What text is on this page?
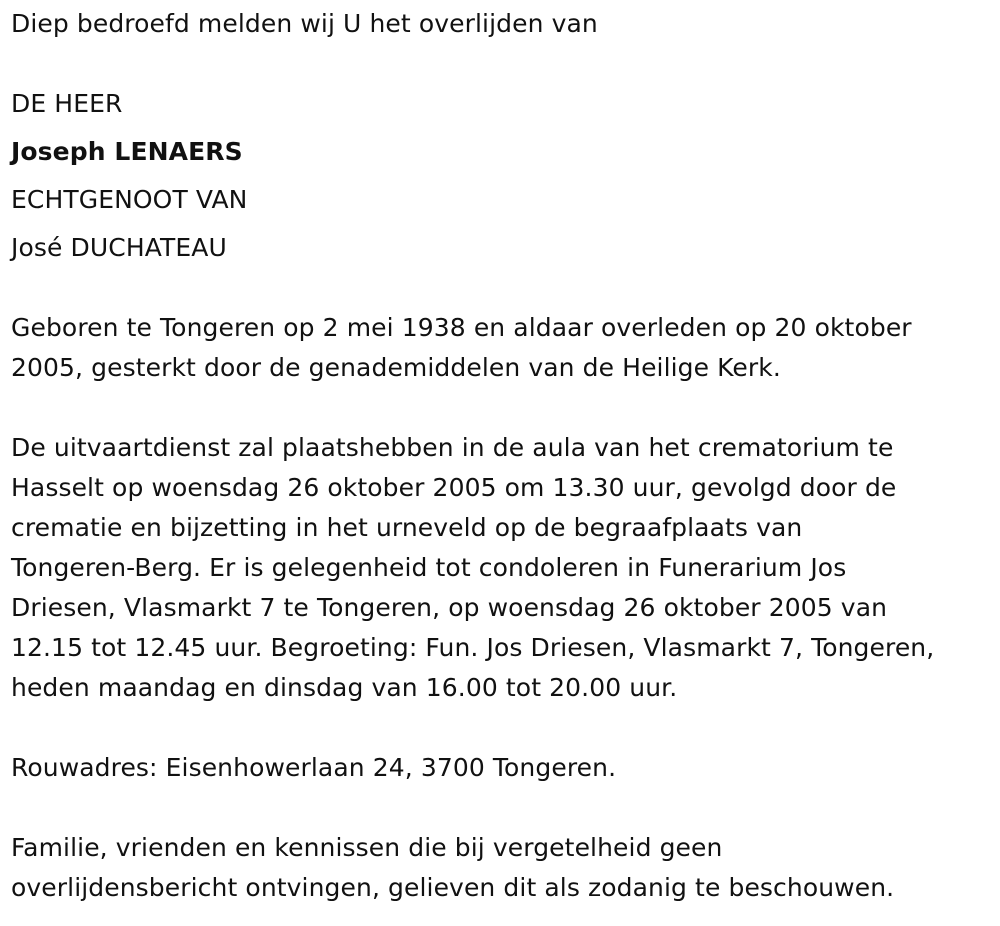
Diep bedroefd melden wij U het overlijden van
DE HEER
Joseph LENAERS
ECHTGENOOT VAN
José DUCHATEAU
Geboren te Tongeren op 2 mei 1938 en aldaar overleden op 20 oktober
2005, gesterkt door de genademiddelen van de Heilige Kerk.
De uitvaartdienst zal plaatshebben in de aula van het crematorium te
Hasselt op woensdag 26 oktober 2005 om 13.30 uur, gevolgd door de
crematie en bijzetting in het urneveld op de begraafplaats van
Tongeren-Berg. Er is gelegenheid tot condoleren in Funerarium Jos
Driesen, Vlasmarkt 7 te Tongeren, op woensdag 26 oktober 2005 van
12.15 tot 12.45 uur. Begroeting: Fun. Jos Driesen, Vlasmarkt 7, Tongeren,
heden maandag en dinsdag van 16.00 tot 20.00 uur.
Rouwadres: Eisenhowerlaan 24, 3700 Tongeren.
Familie, vrienden en kennissen die bij vergetelheid geen
overlijdensbericht ontvingen, gelieven dit als zodanig te beschouwen.
